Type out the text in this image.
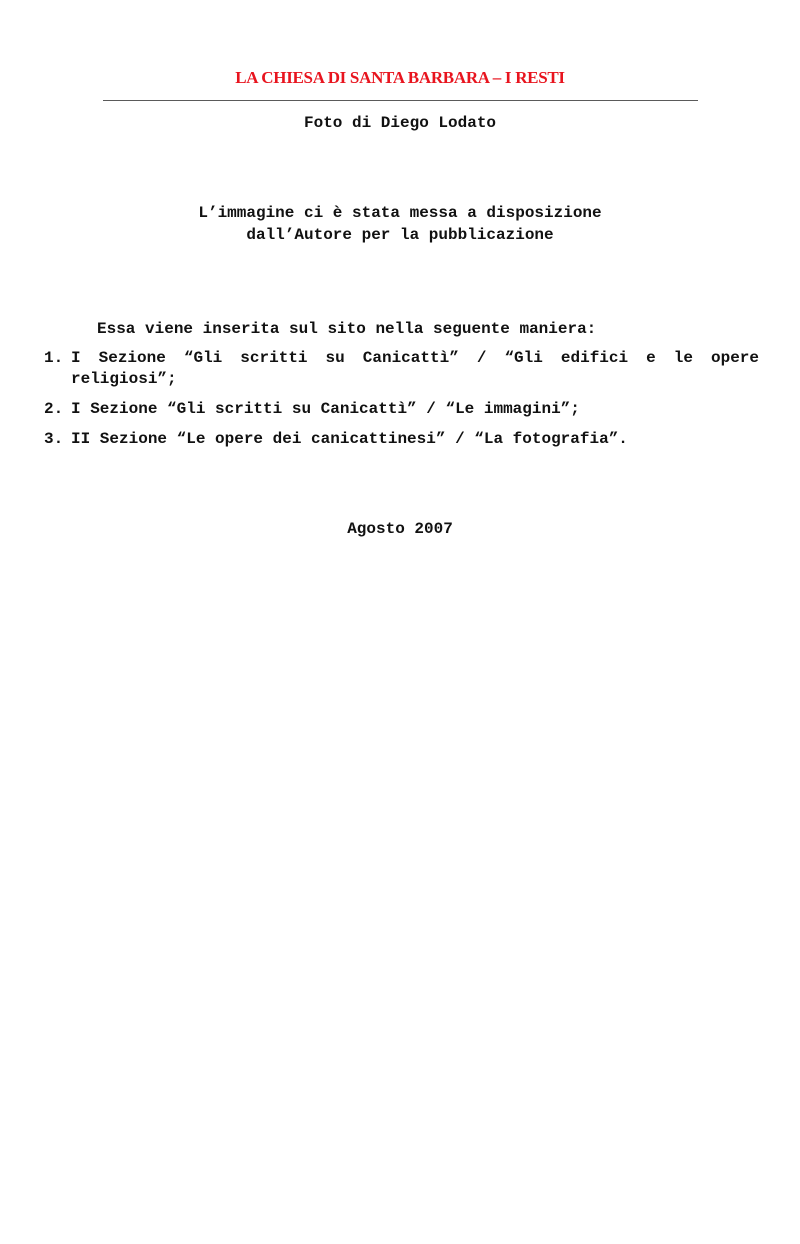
LA CHIESA DI SANTA BARBARA – I RESTI
Foto di Diego Lodato
L’immagine ci è stata messa a disposizione
dall’Autore per la pubblicazione
Essa viene inserita sul sito nella seguente maniera:
1. I Sezione “Gli scritti su Canicattì” / “Gli edifici e le opere religiosi”;
2. I Sezione “Gli scritti su Canicattì” / “Le immagini”;
3. II Sezione “Le opere dei canicattinesi” / “La fotografia”.
Agosto 2007
